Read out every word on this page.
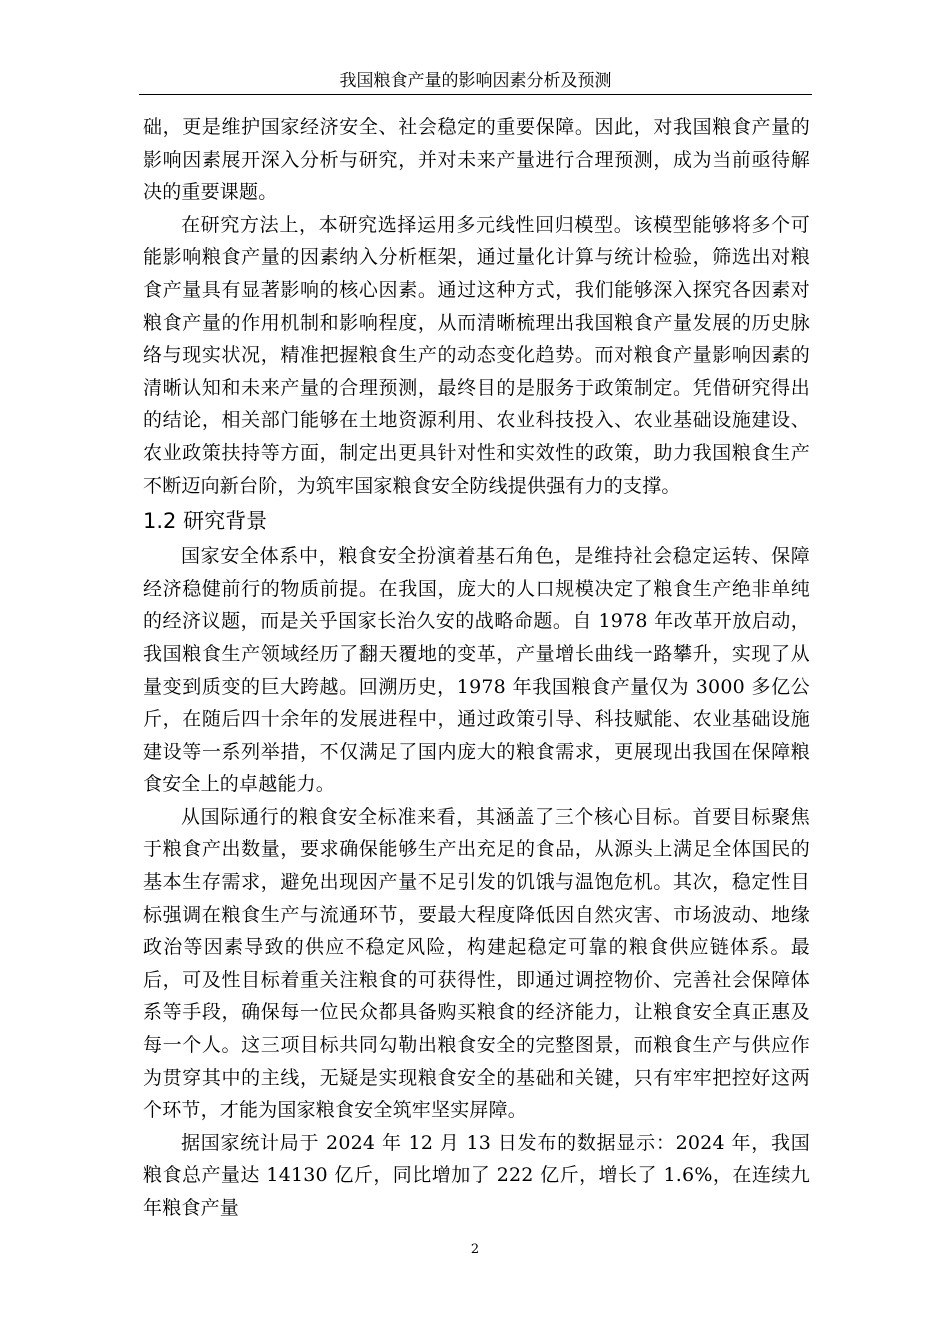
我国粮食产量的影响因素分析及预测

础，更是维护国家经济安全、社会稳定的重要保障。因此，对我国粮食产量的影响因素展开深入分析与研究，并对未来产量进行合理预测，成为当前亟待解决的重要课题。

在研究方法上，本研究选择运用多元线性回归模型。该模型能够将多个可能影响粮食产量的因素纳入分析框架，通过量化计算与统计检验，筛选出对粮食产量具有显著影响的核心因素。通过这种方式，我们能够深入探究各因素对粮食产量的作用机制和影响程度，从而清晰梳理出我国粮食产量发展的历史脉络与现实状况，精准把握粮食生产的动态变化趋势。而对粮食产量影响因素的清晰认知和未来产量的合理预测，最终目的是服务于政策制定。凭借研究得出的结论，相关部门能够在土地资源利用、农业科技投入、农业基础设施建设、农业政策扶持等方面，制定出更具针对性和实效性的政策，助力我国粮食生产不断迈向新台阶，为筑牢国家粮食安全防线提供强有力的支撑。

1.2 研究背景

国家安全体系中，粮食安全扮演着基石角色，是维持社会稳定运转、保障经济稳健前行的物质前提。在我国，庞大的人口规模决定了粮食生产绝非单纯的经济议题，而是关乎国家长治久安的战略命题。自 1978 年改革开放启动，我国粮食生产领域经历了翻天覆地的变革，产量增长曲线一路攀升，实现了从量变到质变的巨大跨越。回溯历史，1978 年我国粮食产量仅为 3000 多亿公斤，在随后四十余年的发展进程中，通过政策引导、科技赋能、农业基础设施建设等一系列举措，不仅满足了国内庞大的粮食需求，更展现出我国在保障粮食安全上的卓越能力。

从国际通行的粮食安全标准来看，其涵盖了三个核心目标。首要目标聚焦于粮食产出数量，要求确保能够生产出充足的食品，从源头上满足全体国民的基本生存需求，避免出现因产量不足引发的饥饿与温饱危机。其次，稳定性目标强调在粮食生产与流通环节，要最大程度降低因自然灾害、市场波动、地缘政治等因素导致的供应不稳定风险，构建起稳定可靠的粮食供应链体系。最后，可及性目标着重关注粮食的可获得性，即通过调控物价、完善社会保障体系等手段，确保每一位民众都具备购买粮食的经济能力，让粮食安全真正惠及每一个人。这三项目标共同勾勒出粮食安全的完整图景，而粮食生产与供应作为贯穿其中的主线，无疑是实现粮食安全的基础和关键，只有牢牢把控好这两个环节，才能为国家粮食安全筑牢坚实屏障。

据国家统计局于 2024 年 12 月 13 日发布的数据显示：2024 年，我国粮食总产量达 14130 亿斤，同比增加了 222 亿斤，增长了 1.6%，在连续九年粮食产量

2
